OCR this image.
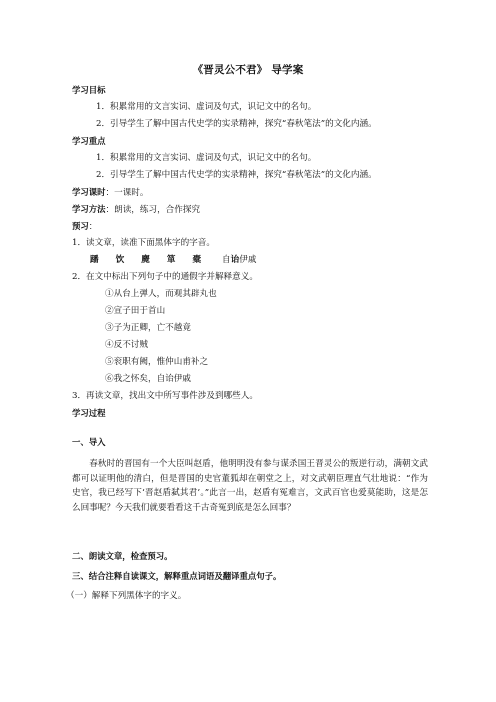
《晋灵公不君》 导学案
学习目标
1．积累常用的文言实词、虚词及句式，识记文中的名句。
2．引导学生了解中国古代史学的实录精神，探究“春秋笔法”的文化内涵。
学习重点
1．积累常用的文言实词、虚词及句式，识记文中的名句。
2．引导学生了解中国古代史学的实录精神，探究“春秋笔法”的文化内涵。
学习课时：一课时。
学习方法：朗读，练习，合作探究
预习：
1．读文章，读准下面黑体字的字音。
蹯 饮 麑 箪 橐 自诒伊戚
2．在文中标出下列句子中的通假字并解释意义。
①从台上弹人，而观其辟丸也
②宣子田于首山
③子为正卿，亡不越竟
④反不讨贼
⑤衮职有阙，惟仲山甫补之
⑥我之怀矣，自诒伊戚
3．再读文章，找出文中所写事件涉及到哪些人。
学习过程
一、导入
春秋时的晋国有一个大臣叫赵盾，他明明没有参与谋杀国王晋灵公的叛逆行动，满朝文武都可以证明他的清白，但是晋国的史官董狐却在朝堂之上，对文武朝臣理直气壮地说：“作为史官，我已经写下‘晋赵盾弑其君’。”此言一出，赵盾有冤难言，文武百官也爱莫能助，这是怎么回事呢？今天我们就要看看这千古奇冤到底是怎么回事？
二、朗读文章，检查预习。
三、结合注释自读课文，解释重点词语及翻译重点句子。
（一）解释下列黑体字的字义。
